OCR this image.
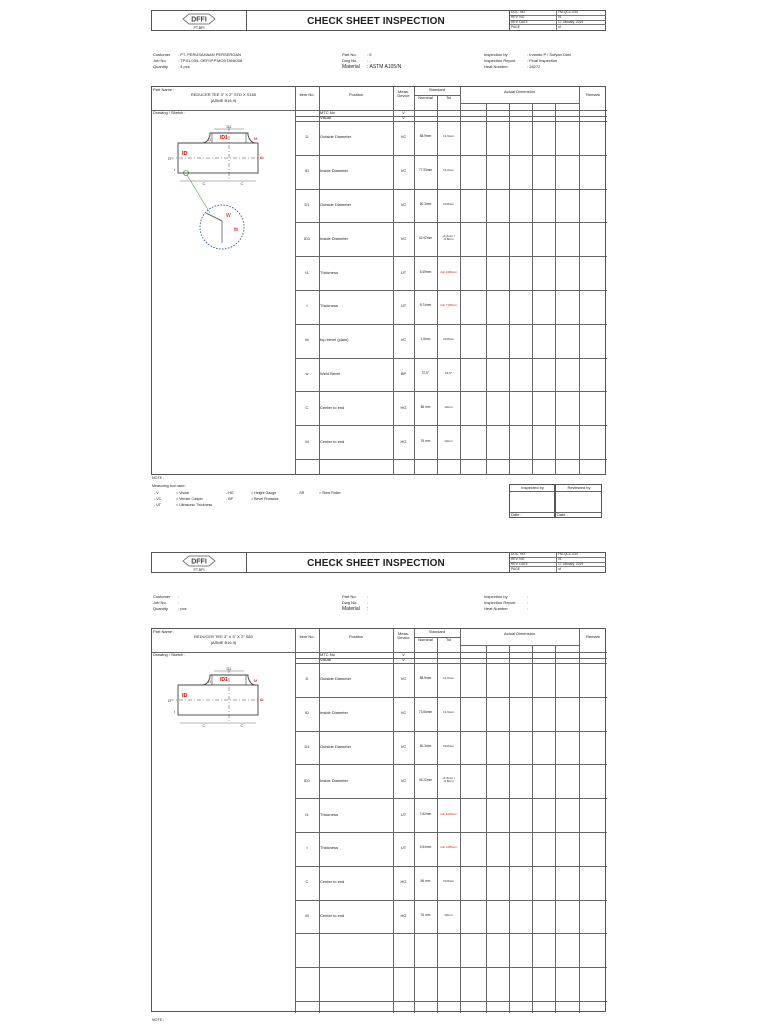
DFFI
PT.BPI
CHECK SHEET INSPECTION
DOC. NO	FM-QCC-034
REV. NO	01
REV. DATE	17 January, 2019
PAGE	of
Customer : PT. PERUSAHAAN PERSEROAN
Job No.	: TP.01.03/L.OEP.IP.P.MODTANK/08
Quantity	: 4 pcs
Part No.	: 5
Dwg No. : -
Material : ASTM A105/N
Inspection by	: Irvianto P / Sofyan Doni
Inspection Report	: Final Inspection
Heat Number	: 28272
Part Name :
REDUCER TEE 3" X 2" STD X S160
(ASME B16.9)
Item No.	Position
Meas. Device
Standard
Nominal	Tol
Actual Dimension
Remark
Drawing / Sketch :	MTC No	V
Visual	V
D	Outside Diameter	VC	88.9mm	±1,6mm
ID	Inside Diameter	VC	77.93mm	±1,6mm
D1	Outside Diameter	VC	60.3mm	±0,8mm
ID1	Inside Diameter	VC	42.92mm	+1,6mm / -0,8mm
t1	Thickness	UT	5,49mm	min 4,80mm
t	Thickness	UT	8,74mm	min 7,65mm
tb	top bevel (plain)	VC	1,6mm	±0,8mm
w	Weld Bevel	BP	37,5°	±2,5°
C	Center to end	HG	86 mm	±2mm
M	Center to end	HG	76 mm	±2mm
D1
t1 ID1	M
C
ID
D
t
C	C
W
tb
NOTE :
Measuring tool used :	Inspected by
Date :
Reviewed by
Date :
- V	= Visual	- HG	= Height Gauge	- SR	= Steel Ruller
- VC	= Vernier Caliper	- BP	= Bevel Protactor
- UT	= Ultrasonic Thickness
DFFI
PT.BPI
CHECK SHEET INSPECTION
DOC. NO	FM-QCC-034
REV. NO	01
REV. DATE	17 January, 2019
PAGE	of
Customer :
Job No.	:
Quantity	: pcs
Part No.	:
Dwg No. :
Material :
Inspection by	:
Inspection Report	:
Heat Number	:
Part Name :
REDUCER TEE 3" X 3" X 2" S80
(ASME B16.9)
Item No.	Position
Meas. Device
Standard
Nominal	Tol
Actual Dimension
Remark
Drawing / Sketch :	MTC No	V
Visual	V
D	Outside Diameter	VC	88.9mm	±1,6mm
ID	Inside Diameter	VC	73,66mm	±1,6mm
D1	Outside Diameter	VC	60.3mm	±0,8mm
ID1	Inside Diameter	VC	49.22mm	+1,6mm / -0,8mm
t1	Thickness	UT	7,62mm	min 6,66mm
t	Thickness	UT	5,54mm	min 4,85mm
C	Center to end	HG	86 mm	±0,8mm
M	Center to end	HG	76 mm	±2mm
D1
t1 ID1	M
C
ID
D
t
C	C
NOTE :
